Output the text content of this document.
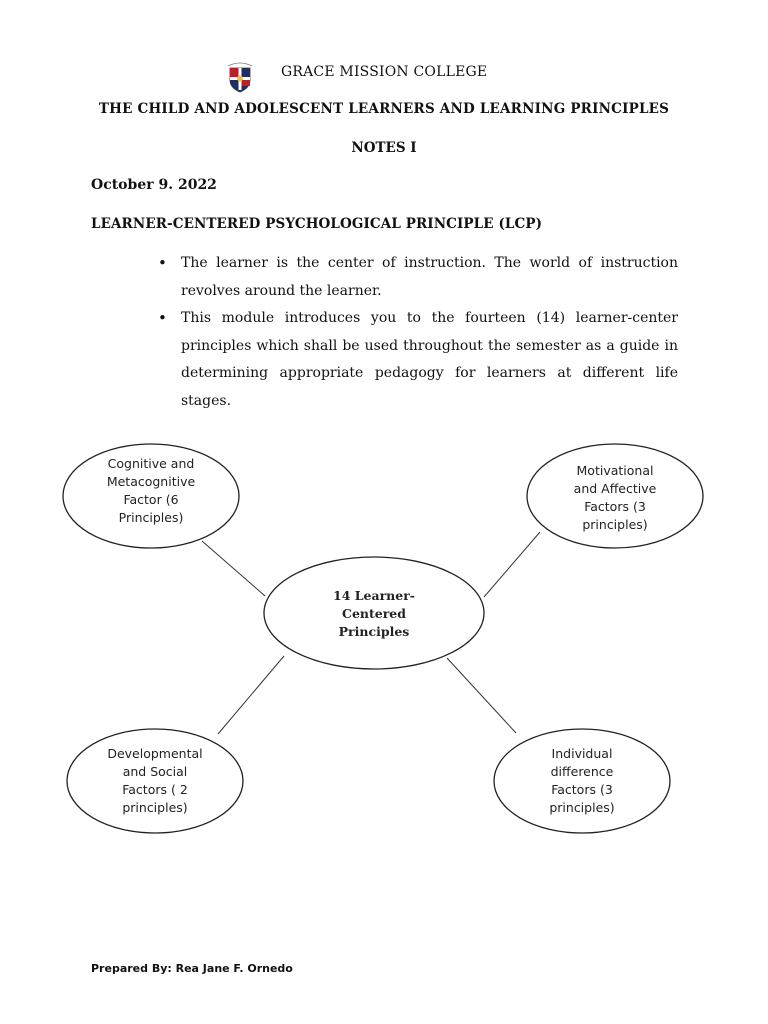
GRACE MISSION COLLEGE
THE CHILD AND ADOLESCENT LEARNERS AND LEARNING PRINCIPLES
NOTES I
October 9. 2022
LEARNER-CENTERED PSYCHOLOGICAL PRINCIPLE (LCP)
• The learner is the center of instruction. The world of instruction revolves around the learner.
• This module introduces you to the fourteen (14) learner-center principles which shall be used throughout the semester as a guide in determining appropriate pedagogy for learners at different life stages.
Cognitive and Metacognitive Factor (6 Principles)
Motivational and Affective Factors (3 principles)
14 Learner-Centered Principles
Developmental and Social Factors ( 2 principles)
Individual difference Factors (3 principles)
Prepared By: Rea Jane F. Ornedo
